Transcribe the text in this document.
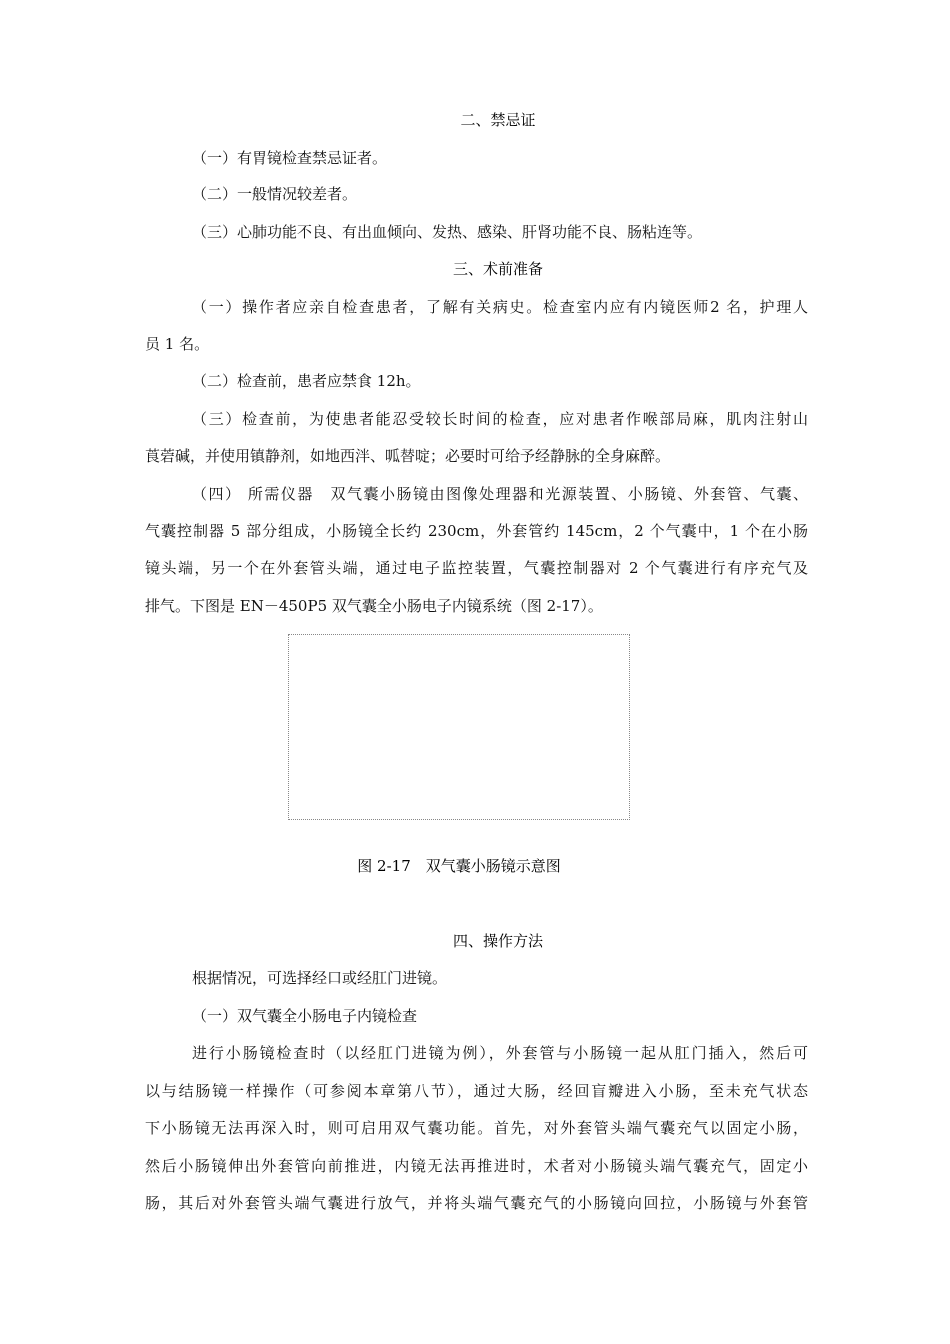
二、禁忌证
（一）有胃镜检查禁忌证者。
（二）一般情况较差者。
（三）心肺功能不良、有出血倾向、发热、感染、肝肾功能不良、肠粘连等。
三、术前准备
（一）操作者应亲自检查患者，了解有关病史。检查室内应有内镜医师2 名，护理人
员 1 名。
（二）检查前，患者应禁食 12h。
（三）检查前，为使患者能忍受较长时间的检查，应对患者作喉部局麻，肌肉注射山
莨菪碱，并使用镇静剂，如地西泮、呱替啶；必要时可给予经静脉的全身麻醉。
（四） 所需仪器　双气囊小肠镜由图像处理器和光源装置、小肠镜、外套管、气囊、
气囊控制器 5 部分组成，小肠镜全长约 230cm，外套管约 145cm，2 个气囊中，1 个在小肠
镜头端，另一个在外套管头端，通过电子监控装置，气囊控制器对 2 个气囊进行有序充气及
排气。下图是 EN－450P5 双气囊全小肠电子内镜系统（图 2-17）。
图 2-17　双气囊小肠镜示意图
四、操作方法
根据情况，可选择经口或经肛门进镜。
（一）双气囊全小肠电子内镜检查
进行小肠镜检查时（以经肛门进镜为例），外套管与小肠镜一起从肛门插入，然后可
以与结肠镜一样操作（可参阅本章第八节），通过大肠，经回盲瓣进入小肠，至未充气状态
下小肠镜无法再深入时，则可启用双气囊功能。首先，对外套管头端气囊充气以固定小肠，
然后小肠镜伸出外套管向前推进，内镜无法再推进时，术者对小肠镜头端气囊充气，固定小
肠，其后对外套管头端气囊进行放气，并将头端气囊充气的小肠镜向回拉，小肠镜与外套管
